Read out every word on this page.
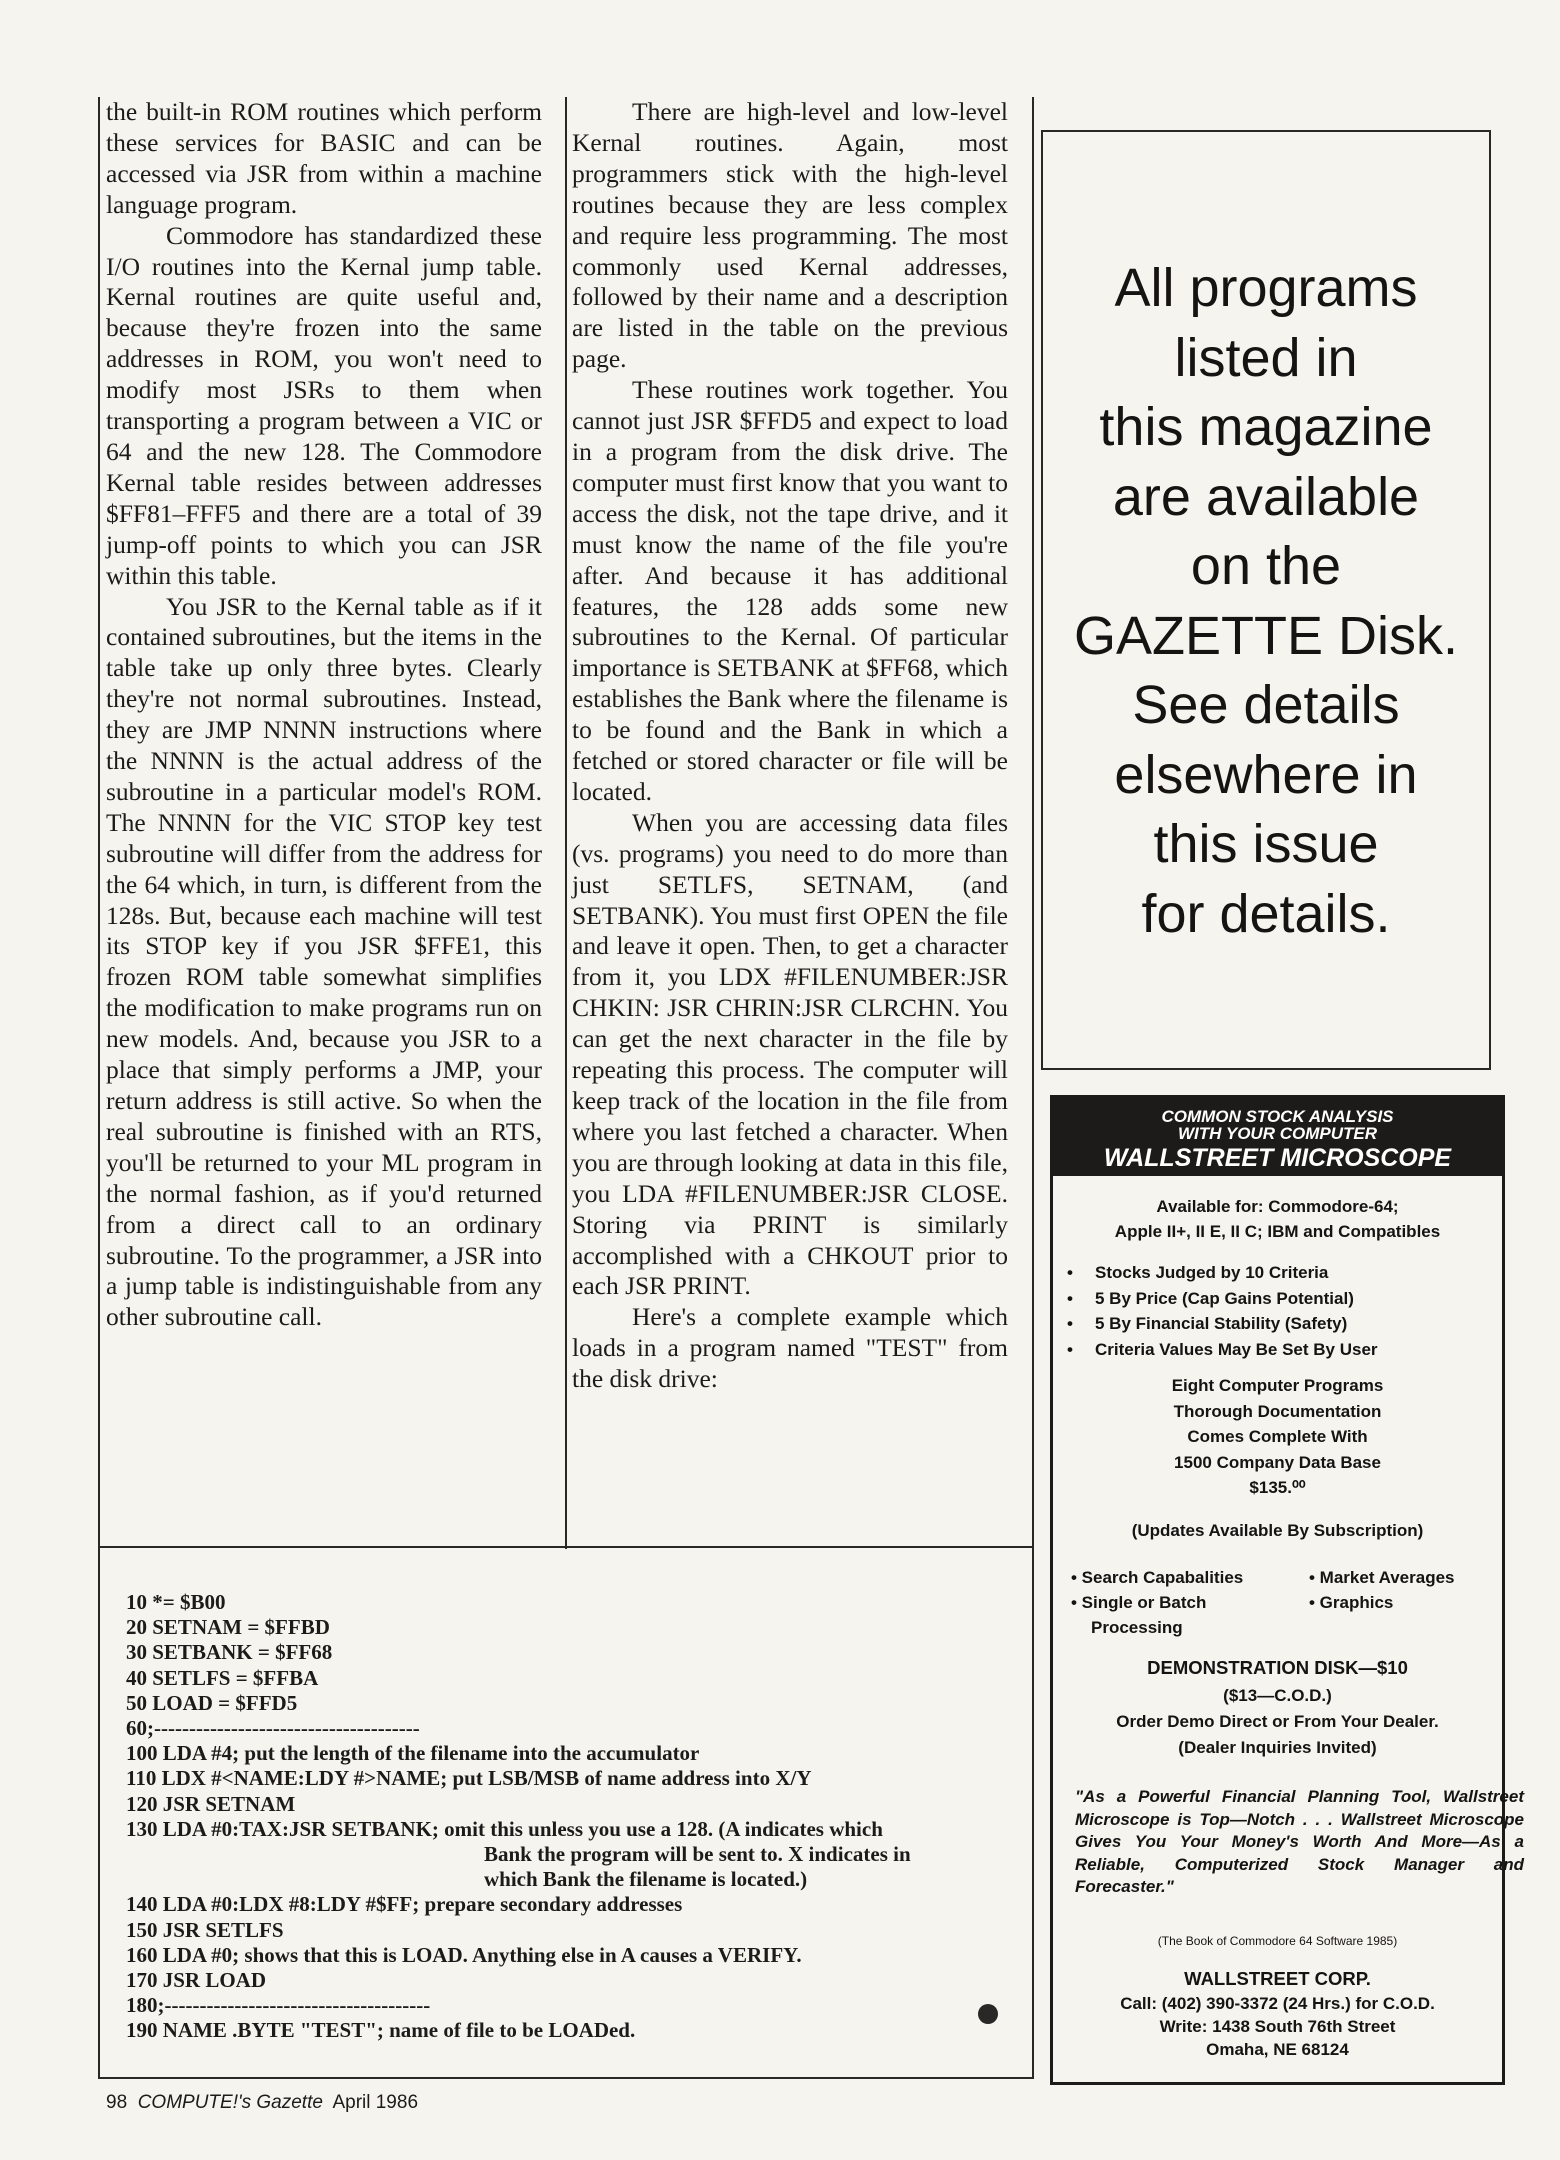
the built-in ROM routines which perform these services for BASIC and can be accessed via JSR from within a machine language program.

Commodore has standardized these I/O routines into the Kernal jump table. Kernal routines are quite useful and, because they're frozen into the same addresses in ROM, you won't need to modify most JSRs to them when transporting a program between a VIC or 64 and the new 128. The Commodore Kernal table resides between addresses $FF81–FFF5 and there are a total of 39 jump-off points to which you can JSR within this table.

You JSR to the Kernal table as if it contained subroutines, but the items in the table take up only three bytes. Clearly they're not normal subroutines. Instead, they are JMP NNNN instructions where the NNNN is the actual address of the subroutine in a particular model's ROM. The NNNN for the VIC STOP key test subroutine will differ from the address for the 64 which, in turn, is different from the 128s. But, because each machine will test its STOP key if you JSR $FFE1, this frozen ROM table somewhat simplifies the modification to make programs run on new models. And, because you JSR to a place that simply performs a JMP, your return address is still active. So when the real subroutine is finished with an RTS, you'll be returned to your ML program in the normal fashion, as if you'd returned from a direct call to an ordinary subroutine. To the programmer, a JSR into a jump table is indistinguishable from any other subroutine call.

There are high-level and low-level Kernal routines. Again, most programmers stick with the high-level routines because they are less complex and require less programming. The most commonly used Kernal addresses, followed by their name and a description are listed in the table on the previous page.

These routines work together. You cannot just JSR $FFD5 and expect to load in a program from the disk drive. The computer must first know that you want to access the disk, not the tape drive, and it must know the name of the file you're after. And because it has additional features, the 128 adds some new subroutines to the Kernal. Of particular importance is SETBANK at $FF68, which establishes the Bank where the filename is to be found and the Bank in which a fetched or stored character or file will be located.

When you are accessing data files (vs. programs) you need to do more than just SETLFS, SETNAM, (and SETBANK). You must first OPEN the file and leave it open. Then, to get a character from it, you LDX #FILENUMBER:JSR CHKIN: JSR CHRIN:JSR CLRCHN. You can get the next character in the file by repeating this process. The computer will keep track of the location in the file from where you last fetched a character. When you are through looking at data in this file, you LDA #FILENUMBER:JSR CLOSE. Storing via PRINT is similarly accomplished with a CHKOUT prior to each JSR PRINT.

Here's a complete example which loads in a program named "TEST" from the disk drive:

10 *= $B00
20 SETNAM = $FFBD
30 SETBANK = $FF68
40 SETLFS = $FFBA
50 LOAD = $FFD5
60;--------------------------------------
100 LDA #4; put the length of the filename into the accumulator
110 LDX #<NAME:LDY #>NAME; put LSB/MSB of name address into X/Y
120 JSR SETNAM
130 LDA #0:TAX:JSR SETBANK; omit this unless you use a 128. (A indicates which
Bank the program will be sent to. X indicates in
which Bank the filename is located.)
140 LDA #0:LDX #8:LDY #$FF; prepare secondary addresses
150 JSR SETLFS
160 LDA #0; shows that this is LOAD. Anything else in A causes a VERIFY.
170 JSR LOAD
180;--------------------------------------
190 NAME .BYTE "TEST"; name of file to be LOADed.
98 COMPUTE!'s Gazette April 1986
All programs
listed in
this magazine
are available
on the
GAZETTE Disk.
See details
elsewhere in
this issue
for details.
COMMON STOCK ANALYSIS
WITH YOUR COMPUTER
WALLSTREET MICROSCOPE
Available for: Commodore-64;
Apple II+, II E, II C; IBM and Compatibles
• Stocks Judged by 10 Criteria
• 5 By Price (Cap Gains Potential)
• 5 By Financial Stability (Safety)
• Criteria Values May Be Set By User
Eight Computer Programs
Thorough Documentation
Comes Complete With
1500 Company Data Base
$135.⁰⁰
(Updates Available By Subscription)
• Search Capabalities	• Market Averages
• Single or Batch	• Graphics
Processing
DEMONSTRATION DISK—$10
($13—C.O.D.)
Order Demo Direct or From Your Dealer.
(Dealer Inquiries Invited)
"As a Powerful Financial Planning Tool, Wallstreet Microscope is Top—Notch . . . Wallstreet Microscope Gives You Your Money's Worth And More—As a Reliable, Computerized Stock Manager and Forecaster."
(The Book of Commodore 64 Software 1985)
WALLSTREET CORP.
Call: (402) 390-3372 (24 Hrs.) for C.O.D.
Write: 1438 South 76th Street
Omaha, NE 68124
